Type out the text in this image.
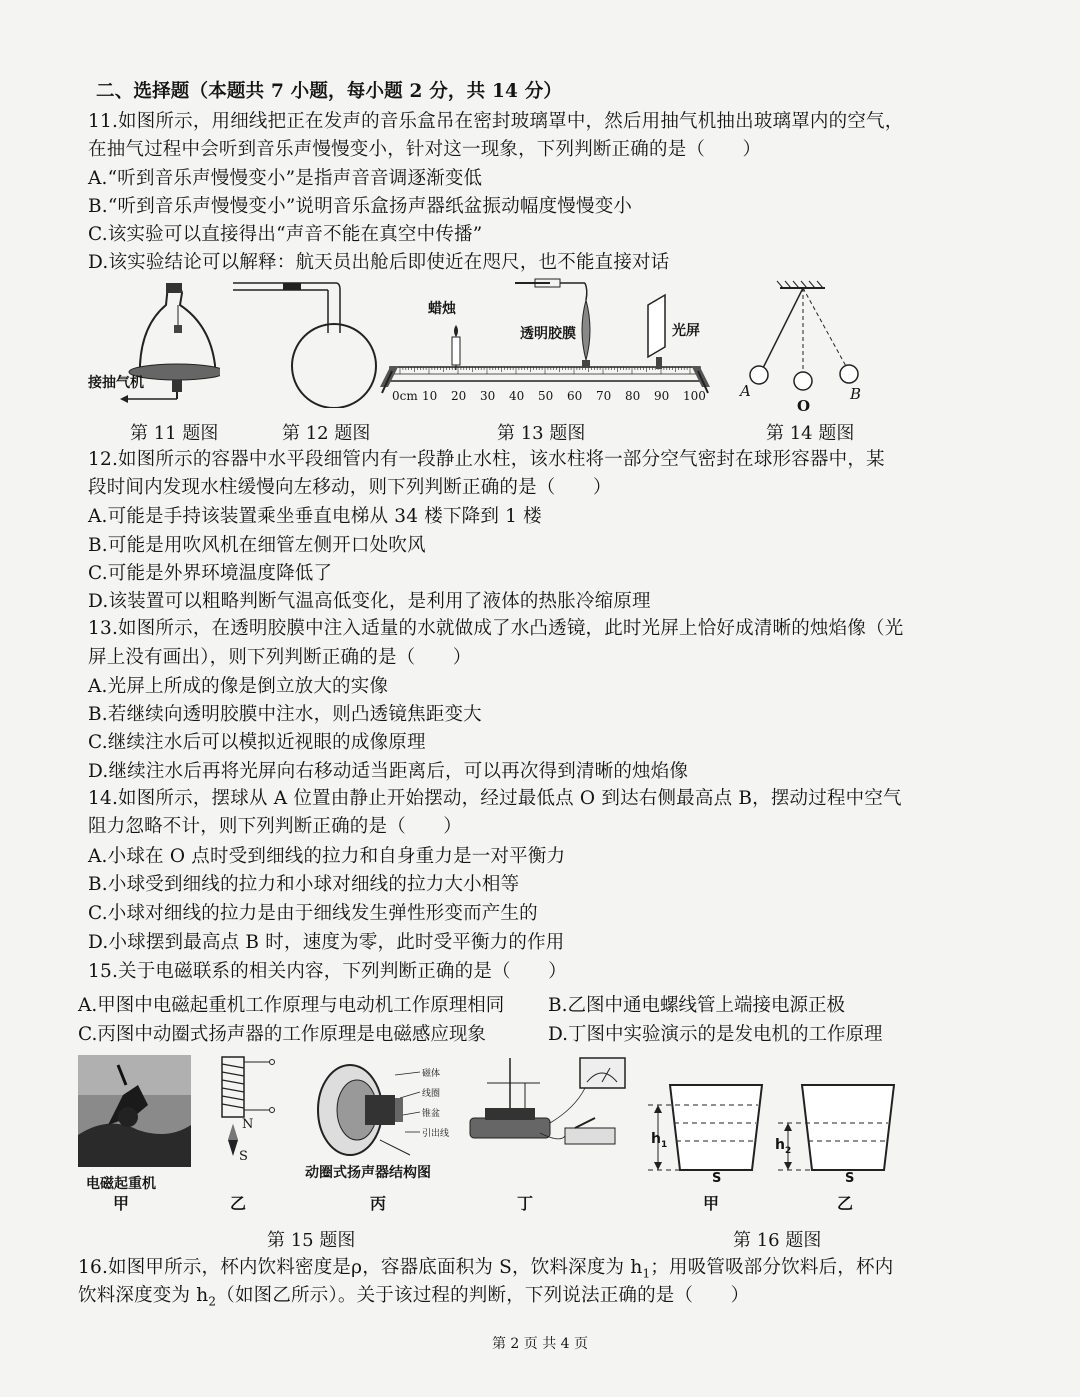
二、选择题（本题共 7 小题，每小题 2 分，共 14 分）
11.如图所示，用细线把正在发声的音乐盒吊在密封玻璃罩中，然后用抽气机抽出玻璃罩内的空气，
在抽气过程中会听到音乐声慢慢变小，针对这一现象，下列判断正确的是（　　）
A.“听到音乐声慢慢变小”是指声音音调逐渐变低
B.“听到音乐声慢慢变小”说明音乐盒扬声器纸盆振动幅度慢慢变小
C.该实验可以直接得出“声音不能在真空中传播”
D.该实验结论可以解释：航天员出舱后即使近在咫尺，也不能直接对话
接抽气机
蜡烛
透明胶膜	光屏
0cm 10 20 30 40 50 60 70 80 90 100 A
O
B
第 11 题图	第 12 题图	第 13 题图	第 14 题图
12.如图所示的容器中水平段细管内有一段静止水柱，该水柱将一部分空气密封在球形容器中，某
段时间内发现水柱缓慢向左移动，则下列判断正确的是（　　）
A.可能是手持该装置乘坐垂直电梯从 34 楼下降到 1 楼
B.可能是用吹风机在细管左侧开口处吹风
C.可能是外界环境温度降低了
D.该装置可以粗略判断气温高低变化，是利用了液体的热胀冷缩原理
13.如图所示，在透明胶膜中注入适量的水就做成了水凸透镜，此时光屏上恰好成清晰的烛焰像（光
屏上没有画出），则下列判断正确的是（　　）
A.光屏上所成的像是倒立放大的实像
B.若继续向透明胶膜中注水，则凸透镜焦距变大
C.继续注水后可以模拟近视眼的成像原理
D.继续注水后再将光屏向右移动适当距离后，可以再次得到清晰的烛焰像
14.如图所示，摆球从 A 位置由静止开始摆动，经过最低点 O 到达右侧最高点 B，摆动过程中空气
阻力忽略不计，则下列判断正确的是（　　）
A.小球在 O 点时受到细线的拉力和自身重力是一对平衡力
B.小球受到细线的拉力和小球对细线的拉力大小相等
C.小球对细线的拉力是由于细线发生弹性形变而产生的
D.小球摆到最高点 B 时，速度为零，此时受平衡力的作用
15.关于电磁联系的相关内容，下列判断正确的是（　　）
A.甲图中电磁起重机工作原理与电动机工作原理相同 B.乙图中通电螺线管上端接电源正极
C.丙图中动圈式扬声器的工作原理是电磁感应现象	D.丁图中实验演示的是发电机的工作原理
电磁起重机
甲
N
S
乙
磁体
线圈
锥盆
引出线
动圈式扬声器结构图
丙	丁
$h_1$
S
甲
$h_2$
S
乙
第 15 题图	第 16 题图
16.如图甲所示，杯内饮料密度是ρ，容器底面积为 S，饮料深度为 $h_1$；用吸管吸部分饮料后，杯内
饮料深度变为 $h_2$（如图乙所示）。关于该过程的判断，下列说法正确的是（　　）
第 2 页 共 4 页
